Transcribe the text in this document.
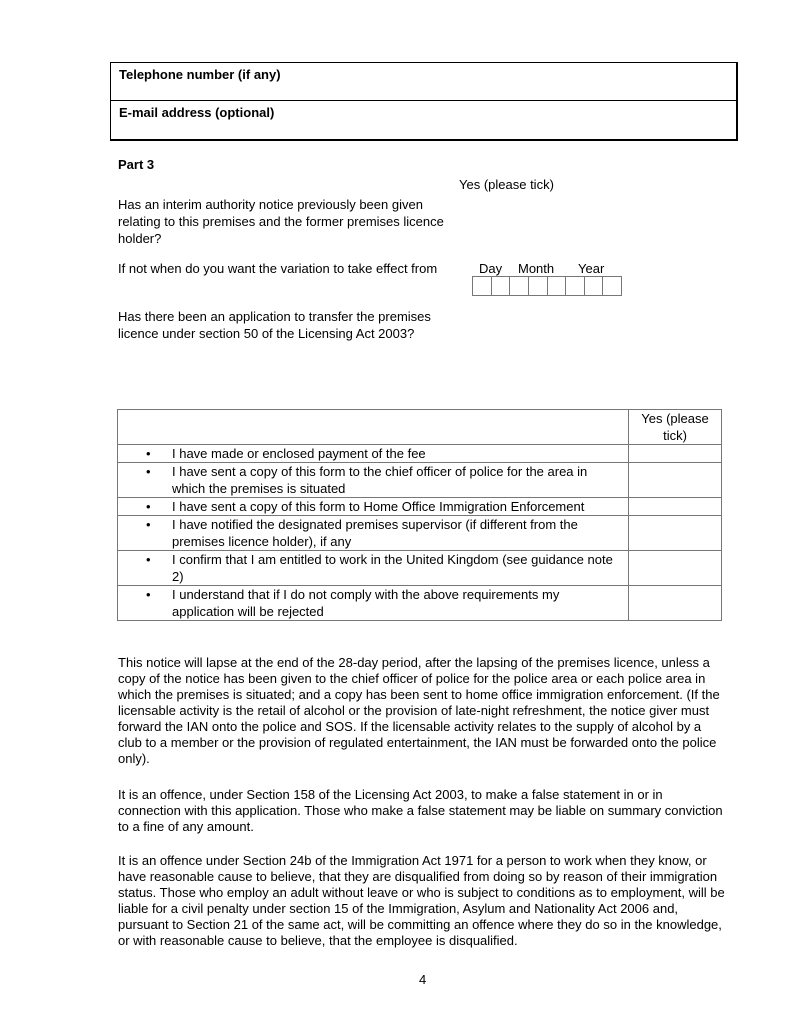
Telephone number (if any)
E-mail address (optional)
Part 3
Yes (please tick)
Has an interim authority notice previously been given relating to this premises and the former premises licence holder?
If not when do you want the variation to take effect from	Day Month Year
Has there been an application to transfer the premises licence under section 50 of the Licensing Act 2003?
	Yes (please tick)

• I have made or enclosed payment of the fee	

• I have sent a copy of this form to the chief officer of police for the area in which the premises is situated	

• I have sent a copy of this form to Home Office Immigration Enforcement	

• I have notified the designated premises supervisor (if different from the premises licence holder), if any	

• I confirm that I am entitled to work in the United Kingdom (see guidance note 2)	

• I understand that if I do not comply with the above requirements my application will be rejected	

This notice will lapse at the end of the 28-day period, after the lapsing of the premises licence, unless a copy of the notice has been given to the chief officer of police for the police area or each police area in which the premises is situated; and a copy has been sent to home office immigration enforcement. (If the licensable activity is the retail of alcohol or the provision of late-night refreshment, the notice giver must forward the IAN onto the police and SOS. If the licensable activity relates to the supply of alcohol by a club to a member or the provision of regulated entertainment, the IAN must be forwarded onto the police only).
It is an offence, under Section 158 of the Licensing Act 2003, to make a false statement in or in connection with this application. Those who make a false statement may be liable on summary conviction to a fine of any amount.
It is an offence under Section 24b of the Immigration Act 1971 for a person to work when they know, or have reasonable cause to believe, that they are disqualified from doing so by reason of their immigration status. Those who employ an adult without leave or who is subject to conditions as to employment, will be liable for a civil penalty under section 15 of the Immigration, Asylum and Nationality Act 2006 and, pursuant to Section 21 of the same act, will be committing an offence where they do so in the knowledge, or with reasonable cause to believe, that the employee is disqualified.
4
